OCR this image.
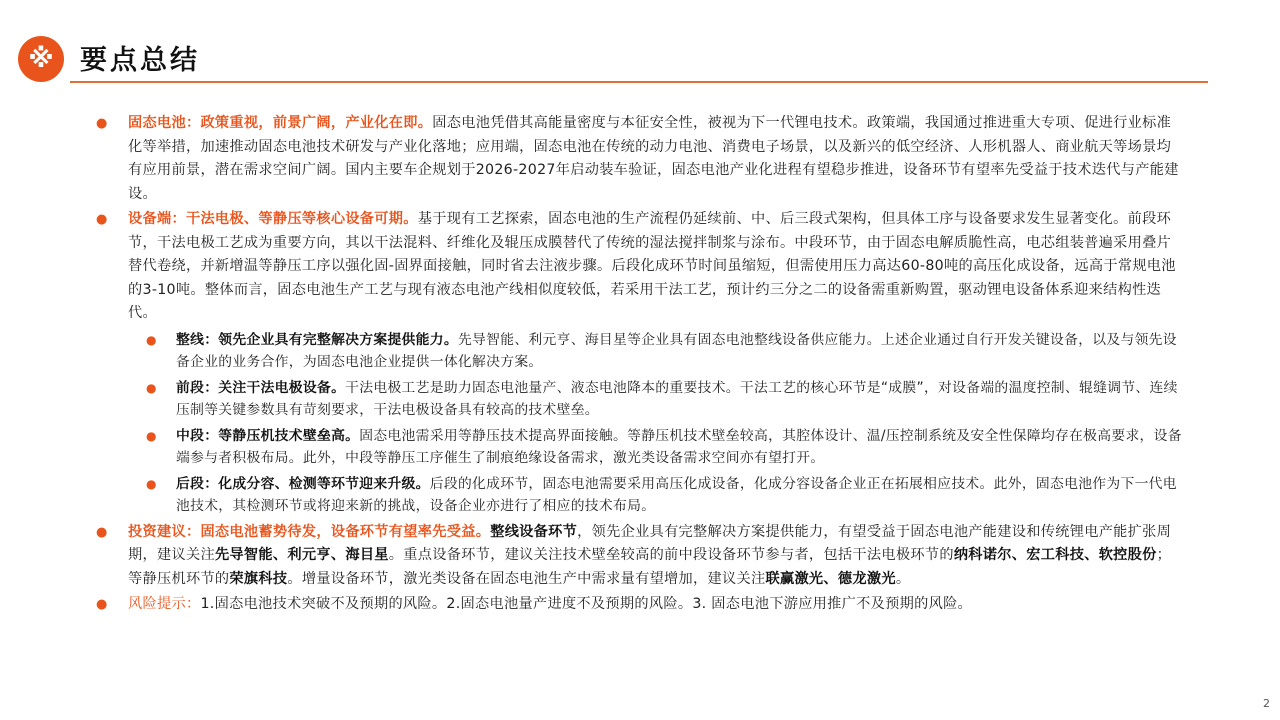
※ 要点总结
● 固态电池：政策重视，前景广阔，产业化在即。固态电池凭借其高能量密度与本征安全性，被视为下一代锂电技术。政策端，我国通过推进重大专项、促进行业标准化等举措，加速推动固态电池技术研发与产业化落地；应用端，固态电池在传统的动力电池、消费电子场景，以及新兴的低空经济、人形机器人、商业航天等场景均有应用前景，潜在需求空间广阔。国内主要车企规划于2026-2027年启动装车验证，固态电池产业化进程有望稳步推进，设备环节有望率先受益于技术迭代与产能建设。
● 设备端：干法电极、等静压等核心设备可期。基于现有工艺探索，固态电池的生产流程仍延续前、中、后三段式架构，但具体工序与设备要求发生显著变化。前段环节，干法电极工艺成为重要方向，其以干法混料、纤维化及辊压成膜替代了传统的湿法搅拌制浆与涂布。中段环节，由于固态电解质脆性高，电芯组装普遍采用叠片替代卷绕，并新增温等静压工序以强化固-固界面接触，同时省去注液步骤。后段化成环节时间虽缩短，但需使用压力高达60-80吨的高压化成设备，远高于常规电池的3-10吨。整体而言，固态电池生产工艺与现有液态电池产线相似度较低，若采用干法工艺，预计约三分之二的设备需重新购置，驱动锂电设备体系迎来结构性迭代。
● 整线：领先企业具有完整解决方案提供能力。先导智能、利元亨、海目星等企业具有固态电池整线设备供应能力。上述企业通过自行开发关键设备，以及与领先设备企业的业务合作，为固态电池企业提供一体化解决方案。
● 前段：关注干法电极设备。干法电极工艺是助力固态电池量产、液态电池降本的重要技术。干法工艺的核心环节是“成膜”，对设备端的温度控制、辊缝调节、连续压制等关键参数具有苛刻要求，干法电极设备具有较高的技术壁垒。
● 中段：等静压机技术壁垒高。固态电池需采用等静压技术提高界面接触。等静压机技术壁垒较高，其腔体设计、温/压控制系统及安全性保障均存在极高要求，设备端参与者积极布局。此外，中段等静压工序催生了制痕绝缘设备需求，激光类设备需求空间亦有望打开。
● 后段：化成分容、检测等环节迎来升级。后段的化成环节，固态电池需要采用高压化成设备，化成分容设备企业正在拓展相应技术。此外，固态电池作为下一代电池技术，其检测环节或将迎来新的挑战，设备企业亦进行了相应的技术布局。
● 投资建议：固态电池蓄势待发，设备环节有望率先受益。整线设备环节，领先企业具有完整解决方案提供能力，有望受益于固态电池产能建设和传统锂电产能扩张周期，建议关注先导智能、利元亨、海目星。重点设备环节，建议关注技术壁垒较高的前中段设备环节参与者，包括干法电极环节的纳科诺尔、宏工科技、软控股份；等静压机环节的荣旗科技。增量设备环节，激光类设备在固态电池生产中需求量有望增加，建议关注联赢激光、德龙激光。
● 风险提示：1.固态电池技术突破不及预期的风险。2.固态电池量产进度不及预期的风险。3. 固态电池下游应用推广不及预期的风险。
2
